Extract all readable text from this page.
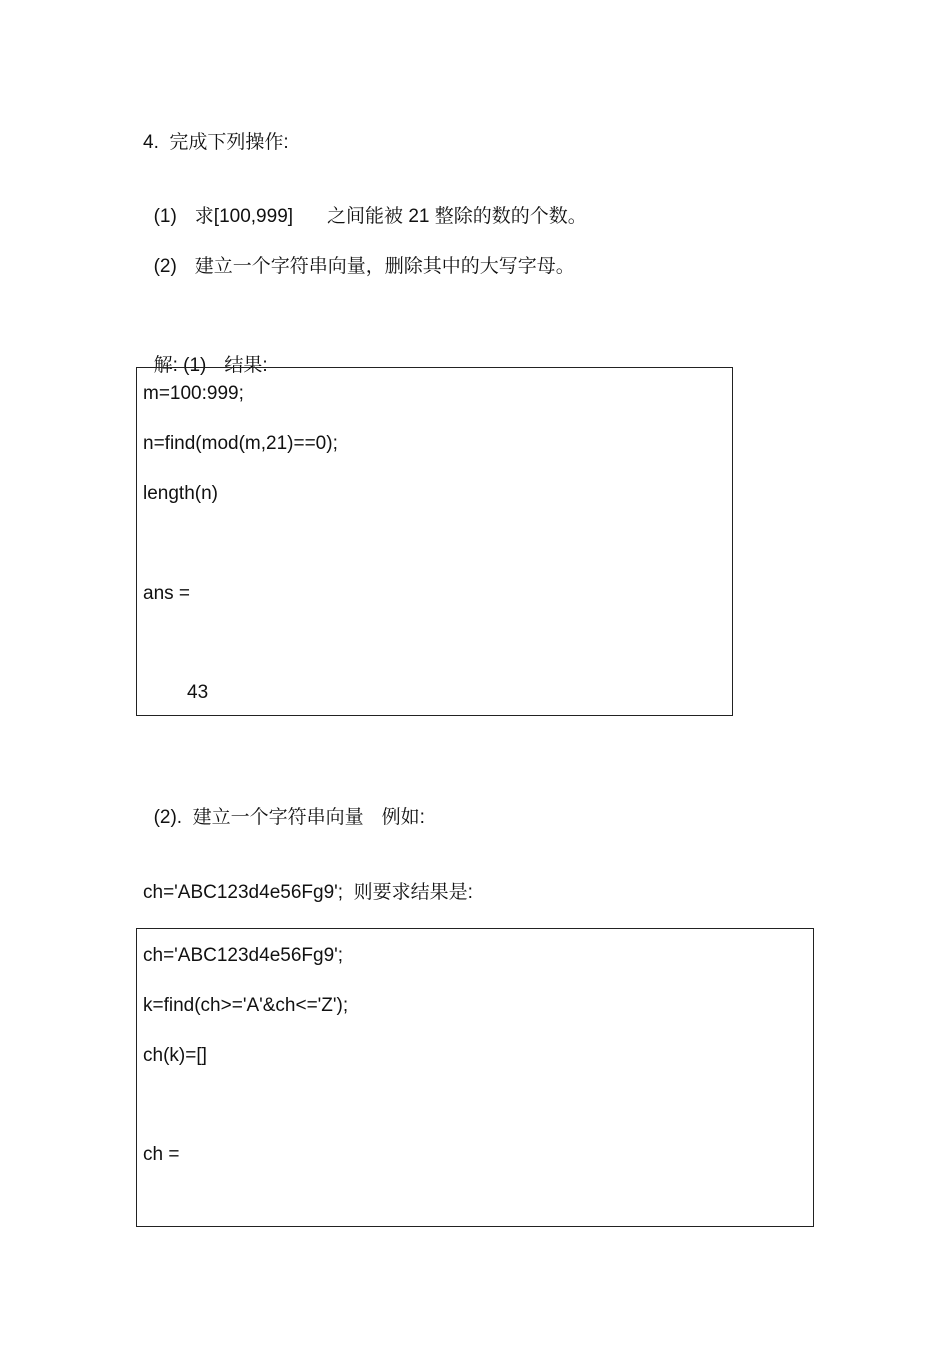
4.  完成下列操作:

(1) 求[100,999] 之间能被 21 整除的数的个数。

(2) 建立一个字符串向量，删除其中的大写字母。

解: (1) 结果:

m=100:999;
n=find(mod(m,21)==0);
length(n)
ans =
43

(2).  建立一个字符串向量 例如:

ch='ABC123d4e56Fg9';  则要求结果是:
ch='ABC123d4e56Fg9';
k=find(ch>='A'&ch<='Z');
ch(k)=[]
ch =
